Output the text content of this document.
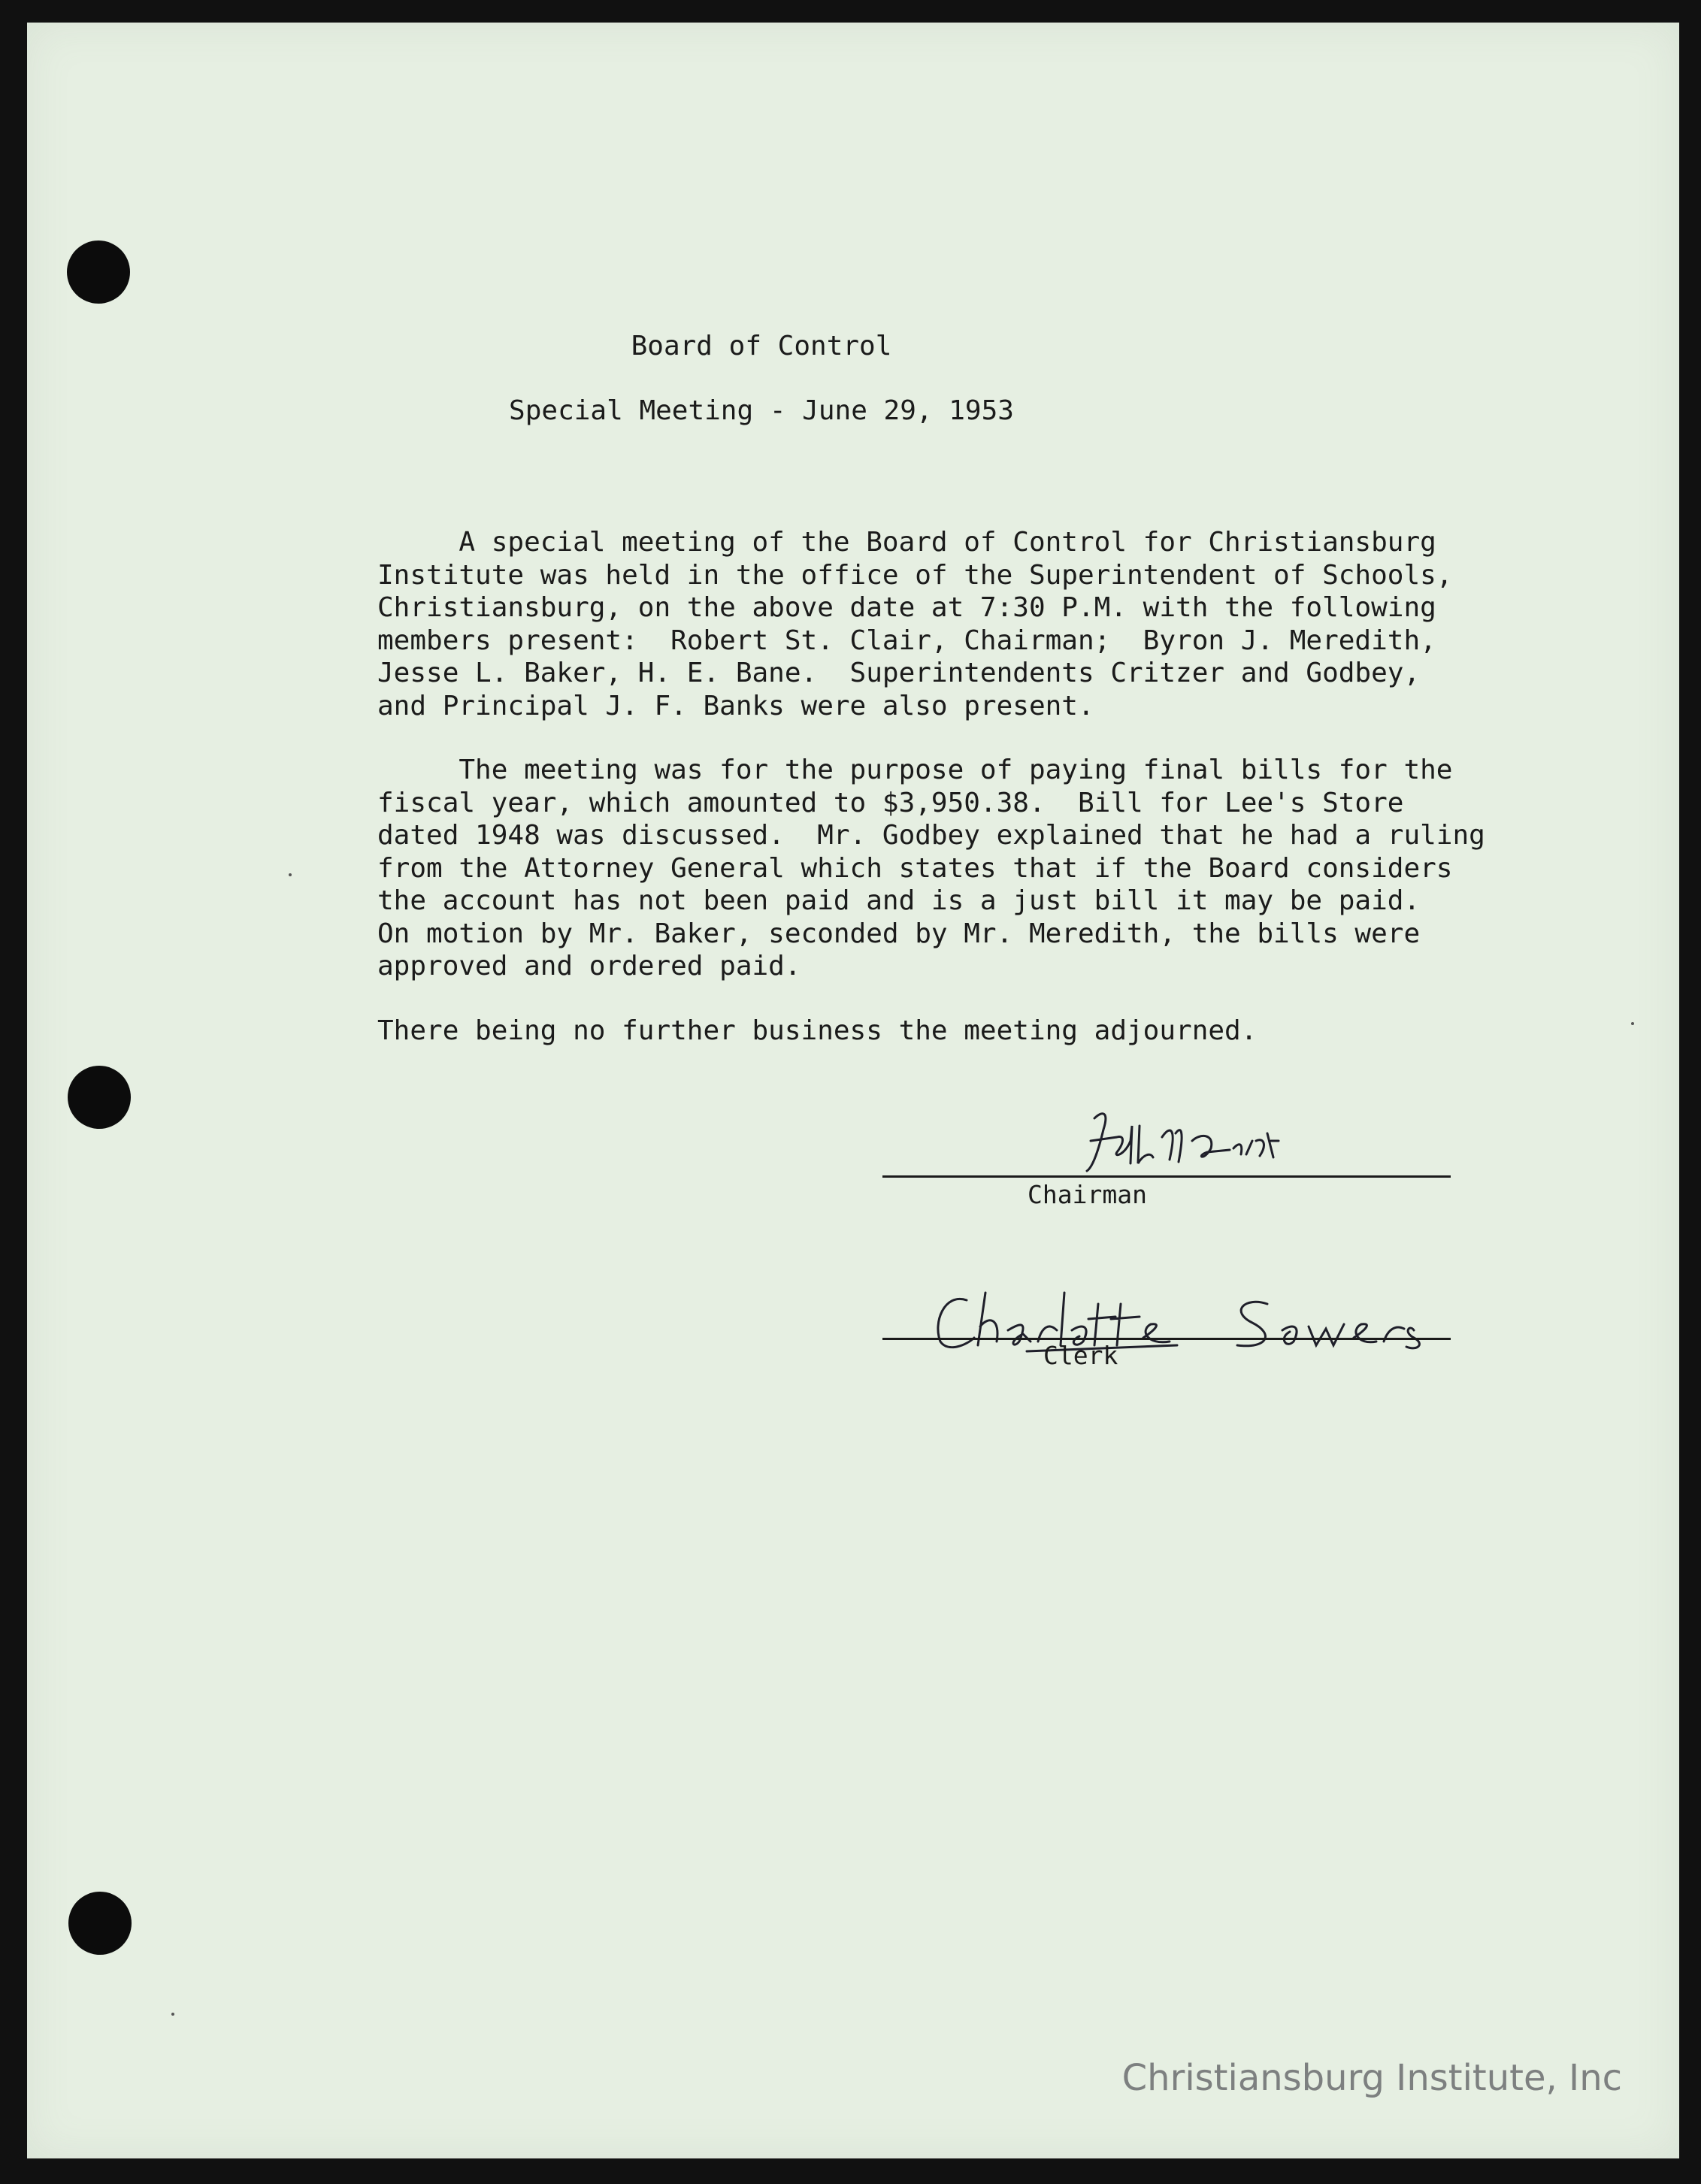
Board of Control
Special Meeting - June 29, 1953
A special meeting of the Board of Control for Christiansburg
Institute was held in the office of the Superintendent of Schools,
Christiansburg, on the above date at 7:30 P.M. with the following
members present:  Robert St. Clair, Chairman;  Byron J. Meredith,
Jesse L. Baker, H. E. Bane.  Superintendents Critzer and Godbey,
and Principal J. F. Banks were also present.
The meeting was for the purpose of paying final bills for the
fiscal year, which amounted to $3,950.38.  Bill for Lee's Store
dated 1948 was discussed.  Mr. Godbey explained that he had a ruling
from the Attorney General which states that if the Board considers
the account has not been paid and is a just bill it may be paid.
On motion by Mr. Baker, seconded by Mr. Meredith, the bills were
approved and ordered paid.
There being no further business the meeting adjourned.
Chairman
Clerk
Christiansburg Institute, Inc
